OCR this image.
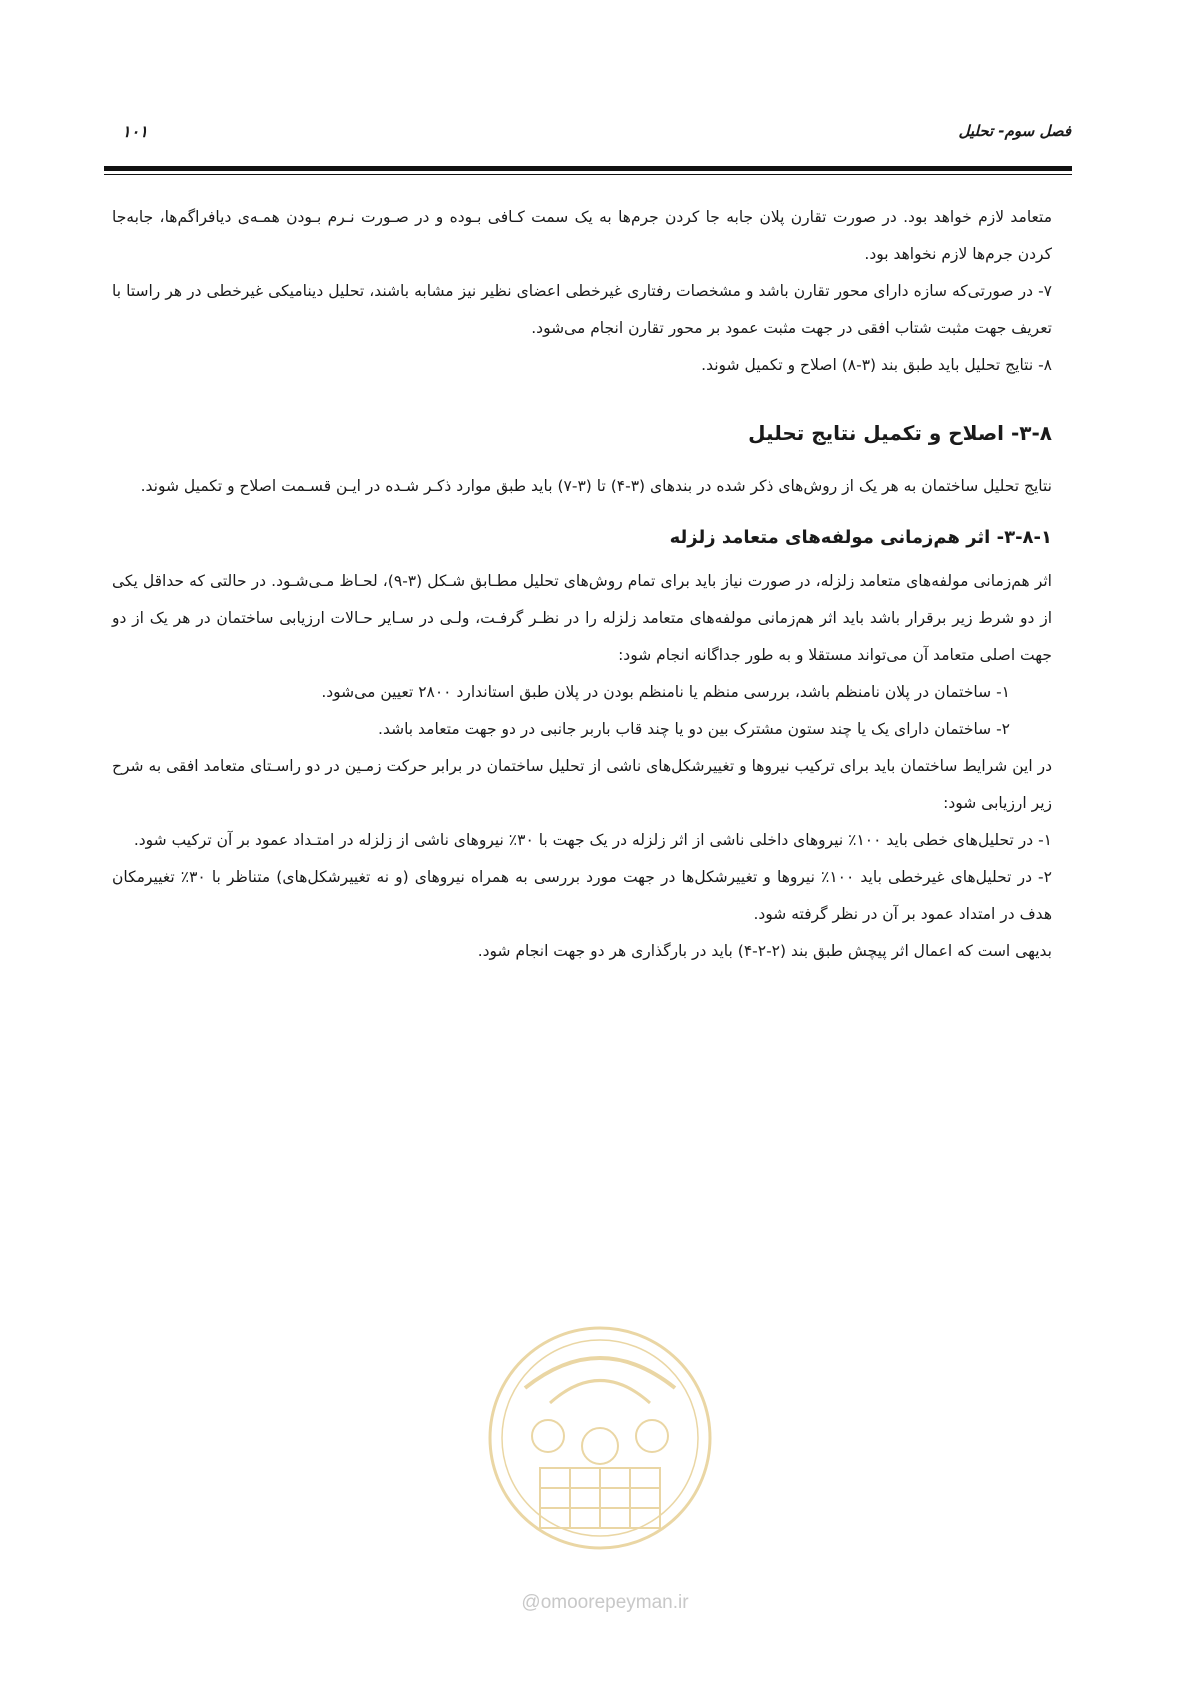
فصل سوم- تحلیل
۱۰۱

متعامد لازم خواهد بود. در صورت تقارن پلان جابه جا کردن جرم‌ها به یک سمت کـافی بـوده و در صـورت نـرم بـودن همـه‌ی دیافراگم‌ها، جابه‌جا کردن جرم‌ها لازم نخواهد بود.

۷- در صورتی‌که سازه دارای محور تقارن باشد و مشخصات رفتاری غیرخطی اعضای نظیر نیز مشابه باشند، تحلیل دینامیکی غیرخطی در هر راستا با تعریف جهت مثبت شتاب افقی در جهت مثبت عمود بر محور تقارن انجام می‌شود.

۸- نتایج تحلیل باید طبق بند (۳-۸) اصلاح و تکمیل شوند.

۳-۸- اصلاح و تکمیل نتایج تحلیل

نتایج تحلیل ساختمان به هر یک از روش‌های ذکر شده در بندهای (۳-۴) تا (۳-۷) باید طبق موارد ذکـر شـده در ایـن قسـمت اصلاح و تکمیل شوند.

۳-۸-۱- اثر هم‌زمانی مولفه‌های متعامد زلزله

اثر هم‌زمانی مولفه‌های متعامد زلزله، در صورت نیاز باید برای تمام روش‌های تحلیل مطـابق شـکل (۳-۹)، لحـاظ مـی‌شـود. در حالتی که حداقل یکی از دو شرط زیر برقرار باشد باید اثر هم‌زمانی مولفه‌های متعامد زلزله را در نظـر گرفـت، ولـی در سـایر حـالات ارزیابی ساختمان در هر یک از دو جهت اصلی متعامد آن می‌تواند مستقلا و به طور جداگانه انجام شود:

۱- ساختمان در پلان نامنظم باشد، بررسی منظم یا نامنظم بودن در پلان طبق استاندارد ۲۸۰۰ تعیین می‌شود.

۲- ساختمان دارای یک یا چند ستون مشترک بین دو یا چند قاب باربر جانبی در دو جهت متعامد باشد.

در این شرایط ساختمان باید برای ترکیب نیروها و تغییرشکل‌های ناشی از تحلیل ساختمان در برابر حرکت زمـین در دو راسـتای متعامد افقی به شرح زیر ارزیابی شود:

۱- در تحلیل‌های خطی باید ۱۰۰٪ نیروهای داخلی ناشی از اثر زلزله در یک جهت با ۳۰٪ نیروهای ناشی از زلزله در امتـداد عمود بر آن ترکیب شود.

۲- در تحلیل‌های غیرخطی باید ۱۰۰٪ نیروها و تغییرشکل‌ها در جهت مورد بررسی به همراه نیروهای (و نه تغییرشکل‌های) متناظر با ۳۰٪ تغییرمکان هدف در امتداد عمود بر آن در نظر گرفته شود.

بدیهی است که اعمال اثر پیچش طبق بند (۲-۲-۴) باید در بارگذاری هر دو جهت انجام شود.

@omoorepeyman.ir
